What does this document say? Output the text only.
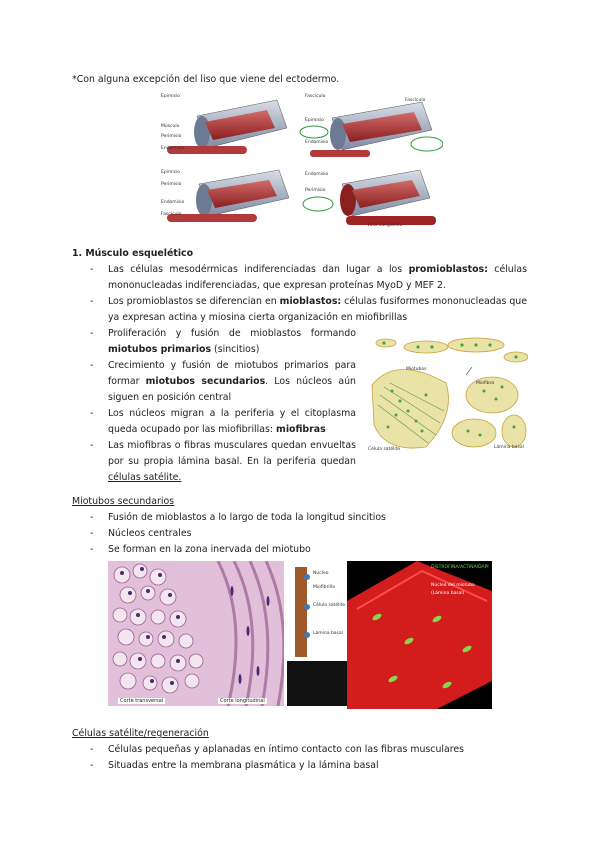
*Con alguna excepción del liso que viene del ectodermo.

Epimisio
Músculo
Perimisio
Endomisio
Fascículo
Epimisio
Endomisio
Fascículo
Epimisio
Perimisio
Endomisio
Fascículo
Endomisio
Perimisio
Vaso sanguíneo

1. Músculo esquelético

-	Las células mesodérmicas indiferenciadas dan lugar a los promioblastos: células mononucleadas indiferenciadas, que expresan proteínas MyoD y MEF 2.

-	Los promioblastos se diferencian en mioblastos: células fusiformes mononucleadas que ya expresan actina y miosina cierta organización en miofibrillas

-	Proliferación y fusión de mioblastos formando miotubos primarios (sincitios)

-	Crecimiento y fusión de miotubos primarios para formar miotubos secundarios. Los núcleos aún siguen en posición central

-	Los núcleos migran a la periferia y el citoplasma queda ocupado por las miofibrillas: miofibras

-	Las miofibras o fibras musculares quedan envueltas por su propia lámina basal. En la periferia quedan células satélite.

Miotubos
Miofibra
Célula satélite	Lámina basal

Miotubos secundarios

-	Fusión de mioblastos a lo largo de toda la longitud sincitios

-	Núcleos centrales

-	Se forman en la zona inervada del miotubo

Corte transversal	Corte longitudinal
Núcleo
Miofibrilla
Célula satélite
Lámina basal
DISTROFINA/ACTINA/DAPI
Núcleo del miotubo
(Lámina basal)

Células satélite/regeneración

-	Células pequeñas y aplanadas en íntimo contacto con las fibras musculares

-	Situadas entre la membrana plasmática y la lámina basal
